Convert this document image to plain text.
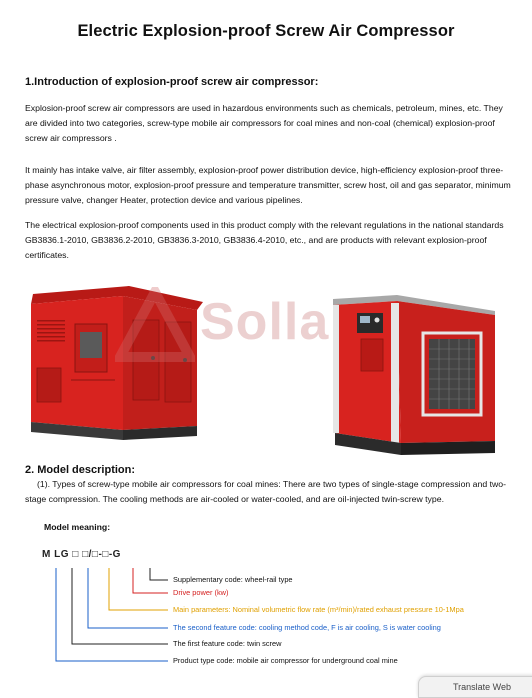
Electric Explosion-proof Screw Air Compressor
1.Introduction of explosion-proof screw air compressor:
Explosion-proof screw air compressors are used in hazardous environments such as chemicals, petroleum, mines, etc. They are divided into two categories, screw-type mobile air compressors for coal mines and non-coal (chemical) explosion-proof screw air compressors .
It mainly has intake valve, air filter assembly, explosion-proof power distribution device, high-efficiency explosion-proof three-phase asynchronous motor, explosion-proof pressure and temperature transmitter, screw host, oil and gas separator, minimum pressure valve, changer Heater, protection device and various pipelines.
The electrical explosion-proof components used in this product comply with the relevant regulations in the national standards GB3836.1-2010, GB3836.2-2010, GB3836.3-2010, GB3836.4-2010, etc., and are products with relevant explosion-proof certificates.
Solla
2. Model description:
(1). Types of screw-type mobile air compressors for coal mines: There are two types of single-stage compression and two-stage compression. The cooling methods are air-cooled or water-cooled, and are oil-injected twin-screw type.
Model meaning:
M LG □ □/□-□-G
Supplementary code: wheel-rail type
Drive power (kw)
Main parameters: Nominal volumetric flow rate (m³/min)/rated exhaust pressure 10-1Mpa
The second feature code: cooling method code, F is air cooling, S is water cooling
The first feature code: twin screw
Product type code: mobile air compressor for underground coal mine
Translate Web
